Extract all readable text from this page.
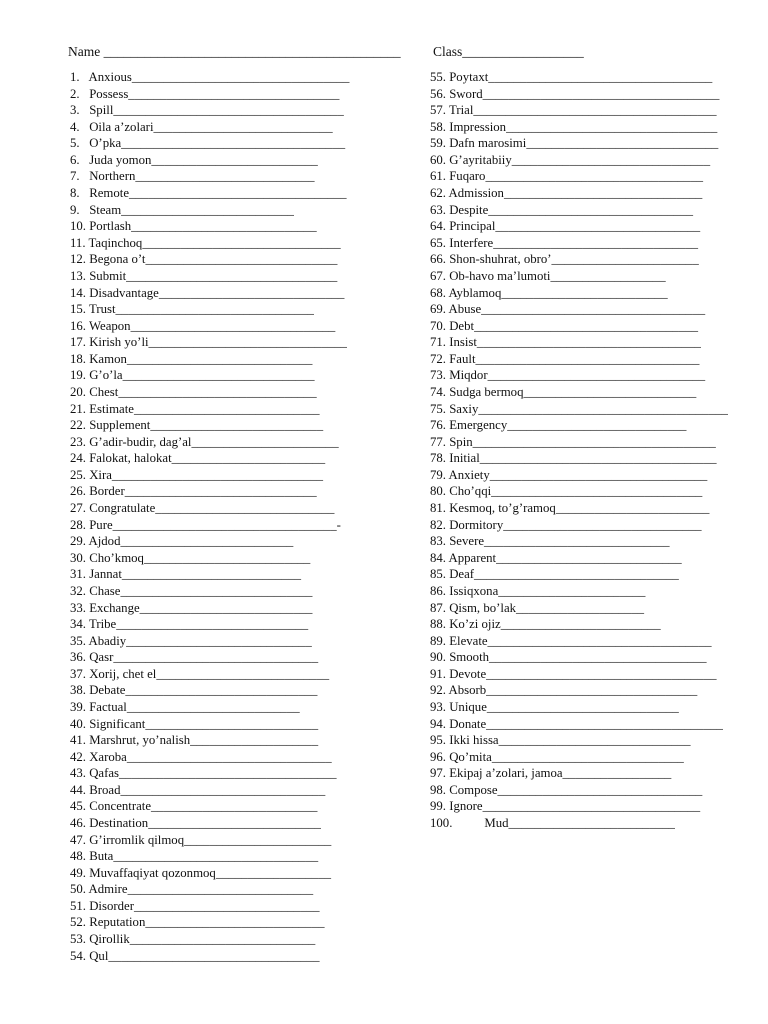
Name ____________________________________________

Class__________________

1.   Anxious__________________________________
2.   Possess_________________________________
3.   Spill____________________________________
4.   Oila a’zolari____________________________
5.   O’pka___________________________________
6.   Juda yomon__________________________
7.   Northern____________________________
8.   Remote__________________________________
9.   Steam___________________________
10. Portlash_____________________________
11. Taqinchoq_______________________________
12. Begona o’t______________________________
13. Submit_________________________________
14. Disadvantage_____________________________
15. Trust_______________________________
16. Weapon________________________________
17. Kirish yo’li_______________________________
18. Kamon_____________________________
19. G’o’la______________________________
20. Chest_______________________________
21. Estimate_____________________________
22. Supplement___________________________
23. G’adir-budir, dag’al_______________________
24. Falokat, halokat________________________
25. Xira_________________________________
26. Border______________________________
27. Congratulate____________________________
28. Pure___________________________________-
29. Ajdod___________________________
30. Cho’kmoq__________________________
31. Jannat____________________________
32. Chase______________________________
33. Exchange___________________________
34. Tribe______________________________
35. Abadiy_____________________________
36. Qasr________________________________
37. Xorij, chet el___________________________
38. Debate______________________________
39. Factual___________________________
40. Significant___________________________
41. Marshrut, yo’nalish____________________
42. Xaroba________________________________
43. Qafas__________________________________
44. Broad________________________________
45. Concentrate__________________________
46. Destination___________________________
47. G’irromlik qilmoq_______________________
48. Buta________________________________
49. Muvaffaqiyat qozonmoq__________________
50. Admire_____________________________
51. Disorder_____________________________
52. Reputation____________________________
53. Qirollik_____________________________
54. Qul_________________________________
55. Poytaxt___________________________________
56. Sword_____________________________________
57. Trial______________________________________
58. Impression_________________________________
59. Dafn marosimi______________________________
60. G’ayritabiiy_______________________________
61. Fuqaro__________________________________
62. Admission_______________________________
63. Despite________________________________
64. Principal________________________________
65. Interfere________________________________
66. Shon-shuhrat, obro’_______________________
67. Ob-havo ma’lumoti__________________
68. Ayblamoq__________________________
69. Abuse___________________________________
70. Debt___________________________________
71. Insist___________________________________
72. Fault___________________________________
73. Miqdor__________________________________
74. Sudga bermoq___________________________
75. Saxiy_______________________________________
76. Emergency____________________________
77. Spin______________________________________
78. Initial_____________________________________
79. Anxiety__________________________________
80. Cho’qqi_________________________________
81. Kesmoq, to’g’ramoq________________________
82. Dormitory_______________________________
83. Severe_____________________________
84. Apparent_____________________________
85. Deaf________________________________
86. Issiqxona_______________________
87. Qism, bo’lak____________________
88. Ko’zi ojiz_________________________
89. Elevate___________________________________
90. Smooth__________________________________
91. Devote____________________________________
92. Absorb_________________________________
93. Unique______________________________
94. Donate_____________________________________
95. Ikki hissa______________________________
96. Qo’mita______________________________
97. Ekipaj a’zolari, jamoa_________________
98. Compose________________________________
99. Ignore__________________________________
100.          Mud__________________________
